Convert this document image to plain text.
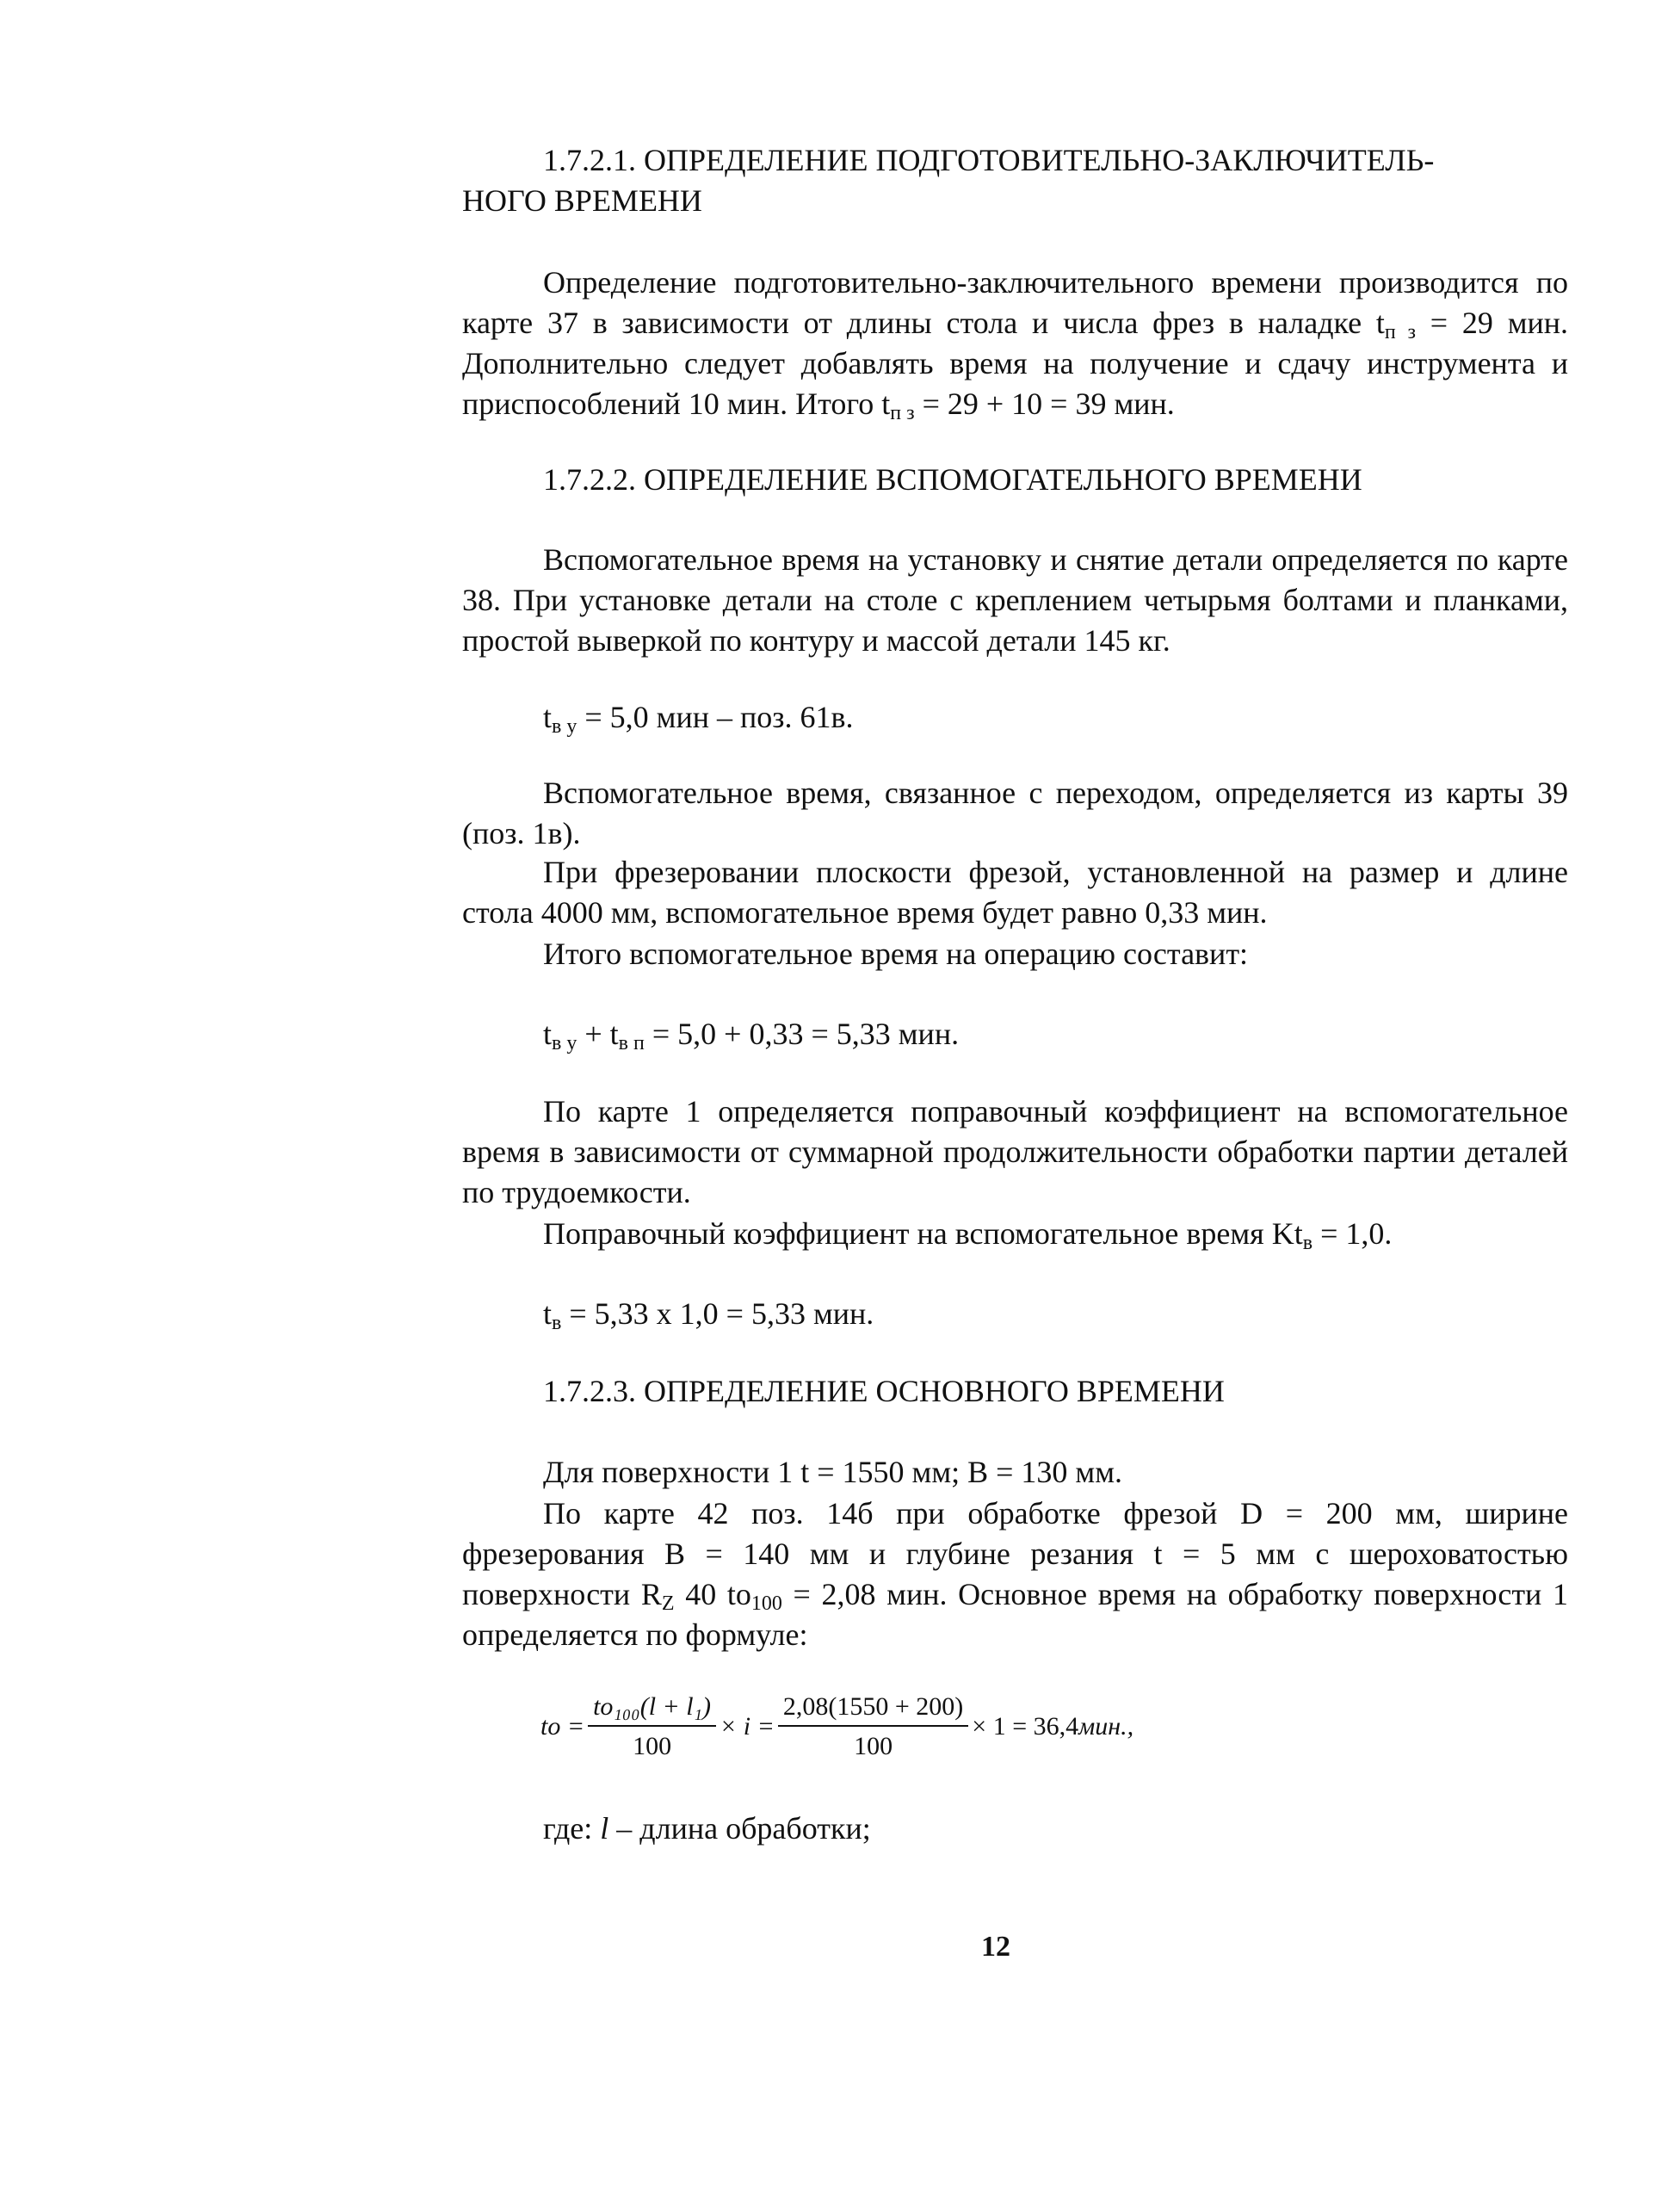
1.7.2.1. ОПРЕДЕЛЕНИЕ ПОДГОТОВИТЕЛЬНО-ЗАКЛЮЧИТЕЛЬ-
НОГО ВРЕМЕНИ
Определение подготовительно-заключительного времени производится по карте 37 в зависимости от длины стола и числа фрез в наладке $t_{п з} = 29$ мин. Дополнительно следует добавлять время на получение и сдачу инструмента и приспособлений 10 мин. Итого $t_{п з} = 29 + 10 = 39$ мин.
1.7.2.2. ОПРЕДЕЛЕНИЕ ВСПОМОГАТЕЛЬНОГО ВРЕМЕНИ
Вспомогательное время на установку и снятие детали определяется по карте 38. При установке детали на столе с креплением четырьмя болтами и планками, простой выверкой по контуру и массой детали 145 кг.
$t_{в у} = 5,0$ мин – поз. 61в.
Вспомогательное время, связанное с переходом, определяется из карты 39 (поз. 1в).
При фрезеровании плоскости фрезой, установленной на размер и длине стола 4000 мм, вспомогательное время будет равно 0,33 мин.
Итого вспомогательное время на операцию составит:
$t_{в у} + t_{в п} = 5,0 + 0,33 = 5,33$ мин.
По карте 1 определяется поправочный коэффициент на вспомогательное время в зависимости от суммарной продолжительности обработки партии деталей по трудоемкости.
Поправочный коэффициент на вспомогательное время $Kt_в = 1,0$.
$t_в = 5,33$ х 1,0 = 5,33 мин.
1.7.2.3. ОПРЕДЕЛЕНИЕ ОСНОВНОГО ВРЕМЕНИ
Для поверхности 1 t = 1550 мм; В = 130 мм.
По карте 42 поз. 14б при обработке фрезой D = 200 мм, ширине фрезерования В = 140 мм и глубине резания t = 5 мм с шероховатостью поверхности $R_Z$ 40 $to_{100} = 2,08$ мин. Основное время на обработку поверхности 1 определяется по формуле:
to = $\frac{\text{to₁₀₀(l + l₁)}}{100} \times i = \frac{2,08(1550 + 200)}{100} \times 1 = 36,4$ мин.,
где: l – длина обработки;
12
